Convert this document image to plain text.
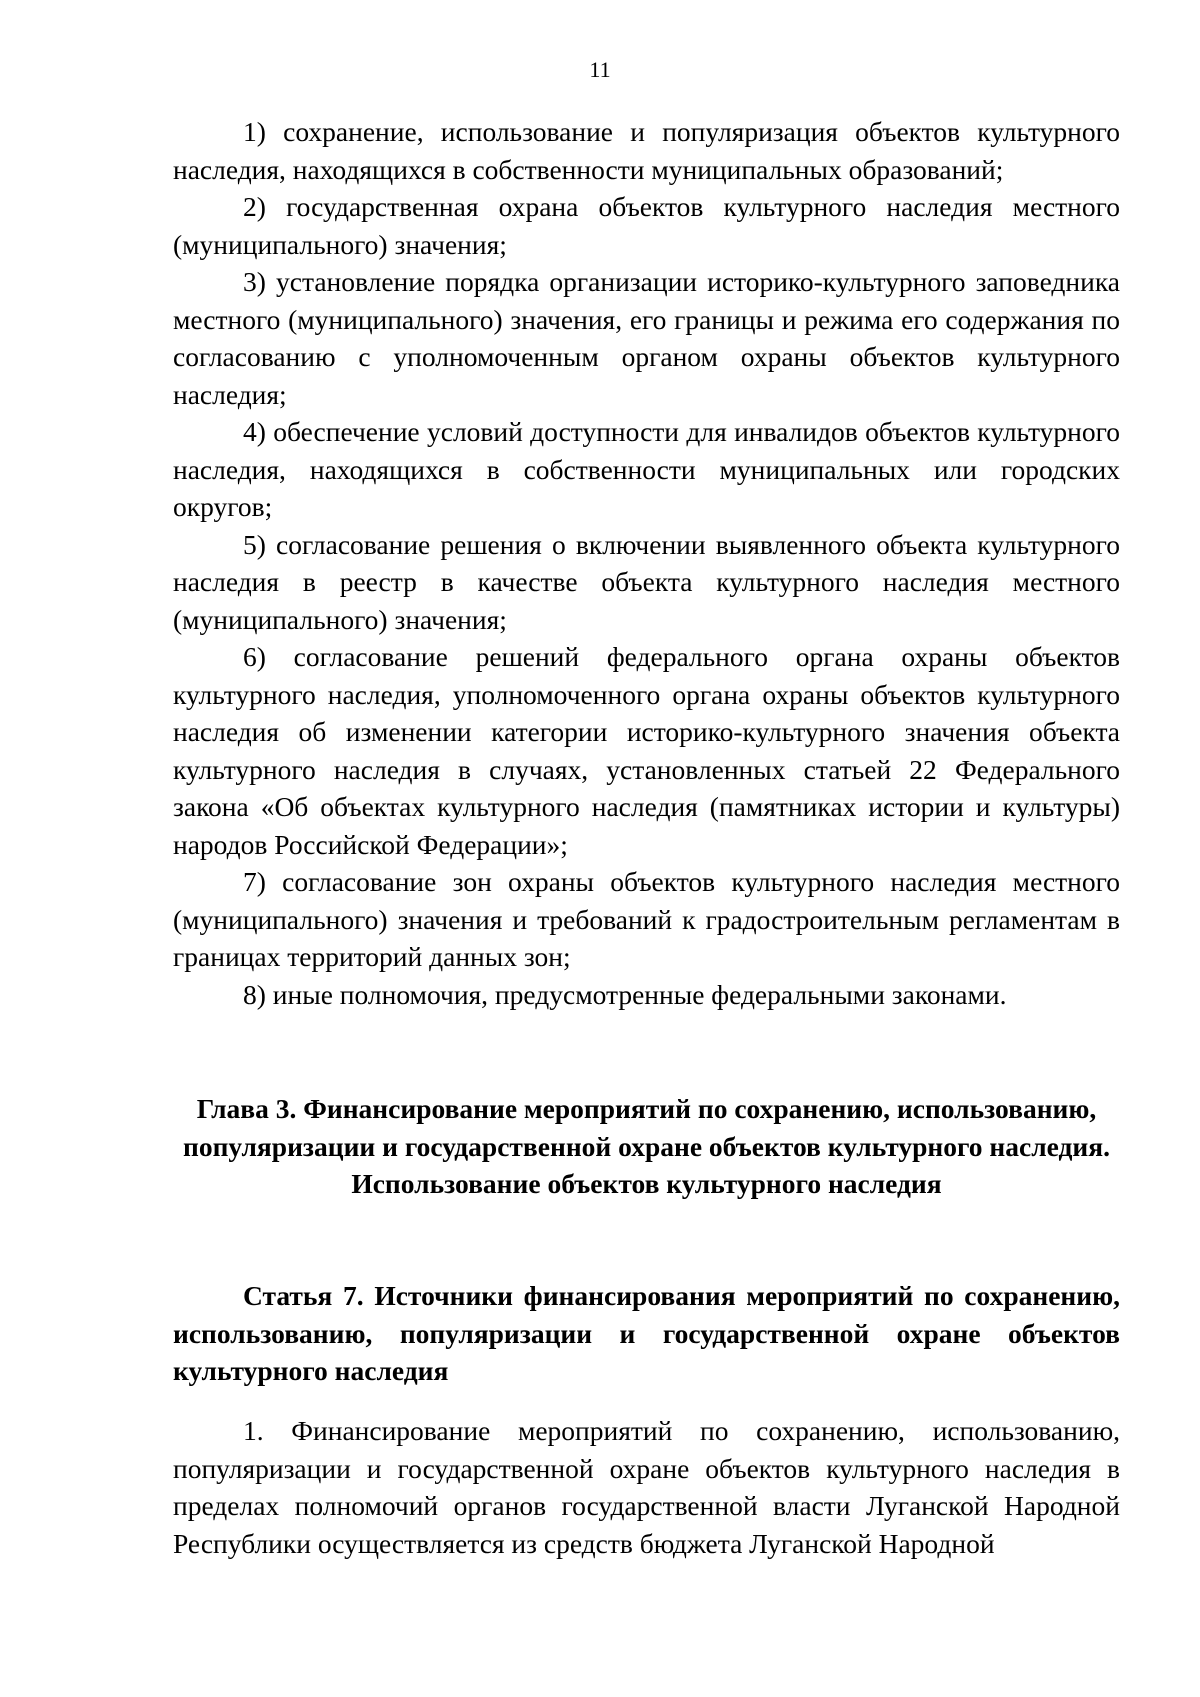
11

1) сохранение, использование и популяризация объектов культурного наследия, находящихся в собственности муниципальных образований;

2) государственная охрана объектов культурного наследия местного (муниципального) значения;

3) установление порядка организации историко-культурного заповедника местного (муниципального) значения, его границы и режима его содержания по согласованию с уполномоченным органом охраны объектов культурного наследия;

4) обеспечение условий доступности для инвалидов объектов культурного наследия, находящихся в собственности муниципальных или городских округов;

5) согласование решения о включении выявленного объекта культурного наследия в реестр в качестве объекта культурного наследия местного (муниципального) значения;

6) согласование решений федерального органа охраны объектов культурного наследия, уполномоченного органа охраны объектов культурного наследия об изменении категории историко-культурного значения объекта культурного наследия в случаях, установленных статьей 22 Федерального закона «Об объектах культурного наследия (памятниках истории и культуры) народов Российской Федерации»;

7) согласование зон охраны объектов культурного наследия местного (муниципального) значения и требований к градостроительным регламентам в границах территорий данных зон;

8) иные полномочия, предусмотренные федеральными законами.

Глава 3. Финансирование мероприятий по сохранению, использованию, популяризации и государственной охране объектов культурного наследия. Использование объектов культурного наследия
Статья 7. Источники финансирования мероприятий по сохранению, использованию, популяризации и государственной охране объектов культурного наследия

1. Финансирование мероприятий по сохранению, использованию, популяризации и государственной охране объектов культурного наследия в пределах полномочий органов государственной власти Луганской Народной Республики осуществляется из средств бюджета Луганской Народной
